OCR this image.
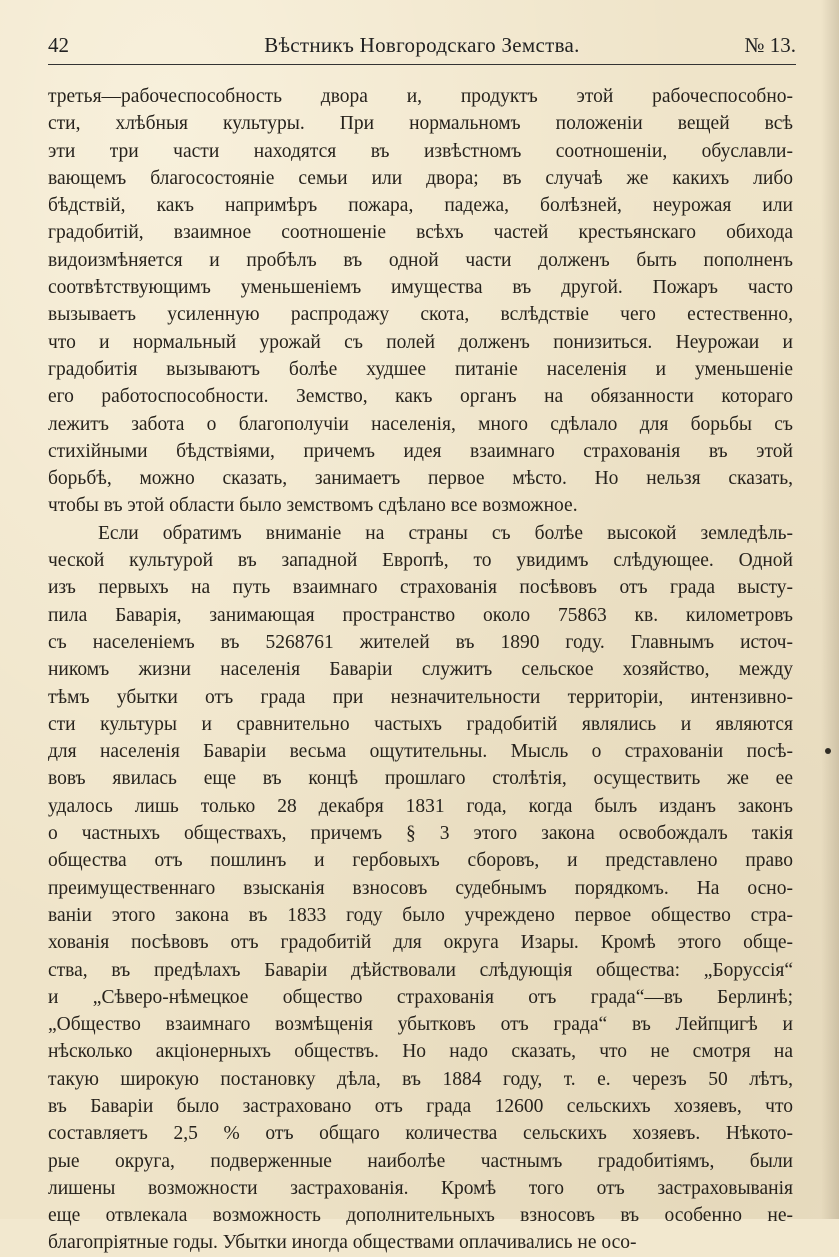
42	Вѣстникъ Новгородскаго Земства.	№ 13.
третья—рабочеспособность двора и, продуктъ этой рабочеспособно-
сти, хлѣбныя культуры. При нормальномъ положеніи вещей всѣ
эти три части находятся въ извѣстномъ соотношеніи, обуславли-
вающемъ благосостояніе семьи или двора; въ случаѣ же какихъ либо
бѣдствій, какъ напримѣръ пожара, падежа, болѣзней, неурожая или
градобитій, взаимное соотношеніе всѣхъ частей крестьянскаго обихода
видоизмѣняется и пробѣлъ въ одной части долженъ быть пополненъ
соотвѣтствующимъ уменьшеніемъ имущества въ другой. Пожаръ часто
вызываетъ усиленную распродажу скота, вслѣдствіе чего естественно,
что и нормальный урожай съ полей долженъ понизиться. Неурожаи и
градобитія вызываютъ болѣе худшее питаніе населенія и уменьшеніе
его работоспособности. Земство, какъ органъ на обязанности котораго
лежитъ забота о благополучіи населенія, много сдѣлало для борьбы съ
стихійными бѣдствіями, причемъ идея взаимнаго страхованія въ этой
борьбѣ, можно сказать, занимаетъ первое мѣсто. Но нельзя сказать,
чтобы въ этой области было земствомъ сдѣлано все возможное.
Если обратимъ вниманіе на страны съ болѣе высокой земледѣль-
ческой культурой въ западной Европѣ, то увидимъ слѣдующее. Одной
изъ первыхъ на путь взаимнаго страхованія посѣвовъ отъ града высту-
пила Баварія, занимающая пространство около 75863 кв. километровъ
съ населеніемъ въ 5268761 жителей въ 1890 году. Главнымъ источ-
никомъ жизни населенія Баваріи служитъ сельское хозяйство, между
тѣмъ убытки отъ града при незначительности территоріи, интензивно-
сти культуры и сравнительно частыхъ градобитій являлись и являются
для населенія Баваріи весьма ощутительны. Мысль о страхованіи посѣ-
вовъ явилась еще въ концѣ прошлаго столѣтія, осуществить же ее
удалось лишь только 28 декабря 1831 года, когда былъ изданъ законъ
о частныхъ обществахъ, причемъ § 3 этого закона освобождалъ такія
общества отъ пошлинъ и гербовыхъ сборовъ, и представлено право
преимущественнаго взысканія взносовъ судебнымъ порядкомъ. На осно-
ваніи этого закона въ 1833 году было учреждено первое общество стра-
хованія посѣвовъ отъ градобитій для округа Изары. Кромѣ этого обще-
ства, въ предѣлахъ Баваріи дѣйствовали слѣдующія общества: „Боруссія“
и „Сѣверо-нѣмецкое общество страхованія отъ града“—въ Берлинѣ;
„Общество взаимнаго возмѣщенія убытковъ отъ града“ въ Лейпцигѣ и
нѣсколько акціонерныхъ обществъ. Но надо сказать, что не смотря на
такую широкую постановку дѣла, въ 1884 году, т. е. черезъ 50 лѣтъ,
въ Баваріи было застраховано отъ града 12600 сельскихъ хозяевъ, что
составляетъ 2,5 % отъ общаго количества сельскихъ хозяевъ. Нѣкото-
рые округа, подверженные наиболѣе частнымъ градобитіямъ, были
лишены возможности застрахованія. Кромѣ того отъ застраховыванія
еще отвлекала возможность дополнительныхъ взносовъ въ особенно не-
благопріятные годы. Убытки иногда обществами оплачивались не осо-
